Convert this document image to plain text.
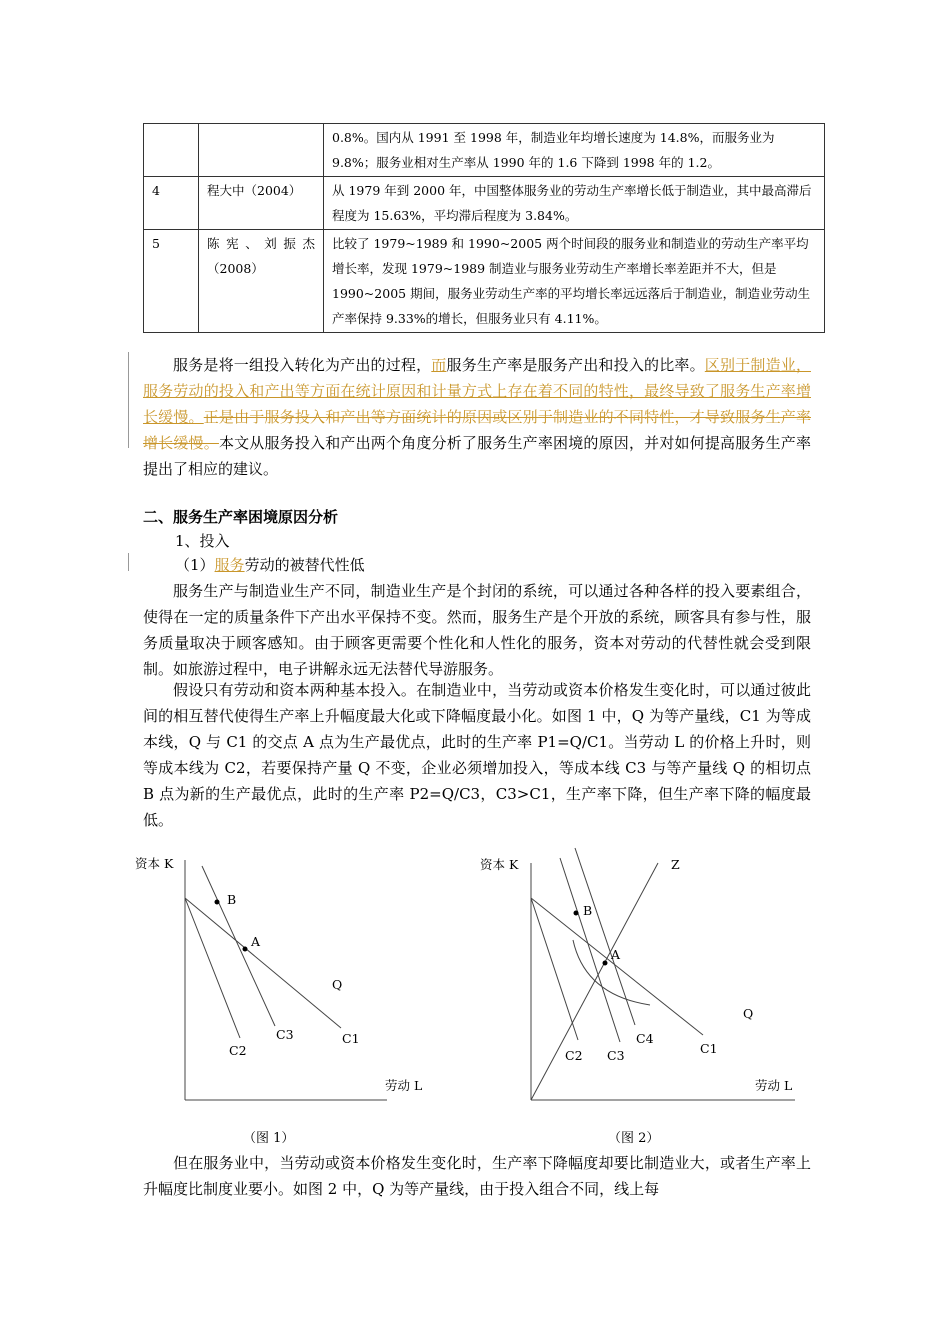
		0.8%。国内从 1991 至 1998 年，制造业年均增长速度为 14.8%，而服务业为 9.8%；服务业相对生产率从 1990 年的 1.6 下降到 1998 年的 1.2。
4	程大中（2004）	从 1979 年到 2000 年，中国整体服务业的劳动生产率增长低于制造业，其中最高滞后程度为 15.63%，平均滞后程度为 3.84%。
5	陈宪、刘振杰（2008）	比较了 1979~1989 和 1990~2005 两个时间段的服务业和制造业的劳动生产率平均增长率，发现 1979~1989 制造业与服务业劳动生产率增长率差距并不大，但是 1990~2005 期间，服务业劳动生产率的平均增长率远远落后于制造业，制造业劳动生产率保持 9.33%的增长，但服务业只有 4.11%。

服务是将一组投入转化为产出的过程，而服务生产率是服务产出和投入的比率。区别于制造业，服务劳动的投入和产出等方面在统计原因和计量方式上存在着不同的特性，最终导致了服务生产率增长缓慢。正是由于服务投入和产出等方面统计的原因或区别于制造业的不同特性，才导致服务生产率增长缓慢。本文从服务投入和产出两个角度分析了服务生产率困境的原因，并对如何提高服务生产率提出了相应的建议。

二、服务生产率困境原因分析
1、投入
（1）服务劳动的被替代性低

服务生产与制造业生产不同，制造业生产是个封闭的系统，可以通过各种各样的投入要素组合，使得在一定的质量条件下产出水平保持不变。然而，服务生产是个开放的系统，顾客具有参与性，服务质量取决于顾客感知。由于顾客更需要个性化和人性化的服务，资本对劳动的代替性就会受到限制。如旅游过程中，电子讲解永远无法替代导游服务。

假设只有劳动和资本两种基本投入。在制造业中，当劳动或资本价格发生变化时，可以通过彼此间的相互替代使得生产率上升幅度最大化或下降幅度最小化。如图 1 中，Q 为等产量线，C1 为等成本线，Q 与 C1 的交点 A 点为生产最优点，此时的生产率 P1=Q/C1。当劳动 L 的价格上升时，则等成本线为 C2，若要保持产量 Q 不变，企业必须增加投入，等成本线 C3 与等产量线 Q 的相切点 B 点为新的生产最优点，此时的生产率 P2=Q/C3，C3>C1，生产率下降，但生产率下降的幅度最低。

资本 K
劳动 L
B
A
Q
C1
C2
C3
（图 1）
资本 K	Z
劳动 L
B
A
Q
C1
C2 C3
C4
（图 2）

但在服务业中，当劳动或资本价格发生变化时，生产率下降幅度却要比制造业大，或者生产率上升幅度比制度业要小。如图 2 中，Q 为等产量线，由于投入组合不同，线上每
